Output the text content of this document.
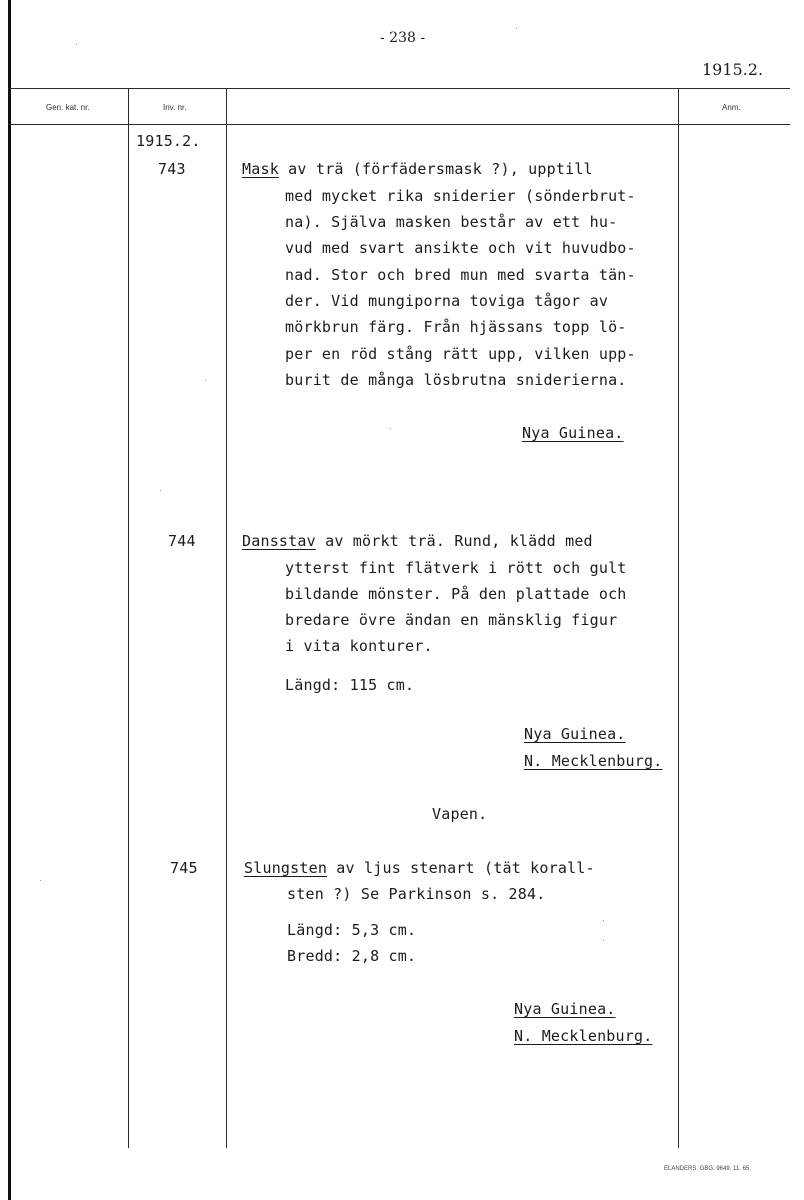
- 238 -
1915.2.
Gen. kat. nr.	Inv. nr.	Anm.
1915.2.
743	Mask av trä (förfädersmask ?), upptill
med mycket rika sniderier (sönderbrut-
na). Själva masken består av ett hu-
vud med svart ansikte och vit huvudbo-
nad. Stor och bred mun med svarta tän-
der. Vid mungiporna toviga tågor av
mörkbrun färg. Från hjässans topp lö-
per en röd stång rätt upp, vilken upp-
burit de många lösbrutna sniderierna.
Nya Guinea.
744	Dansstav av mörkt trä. Rund, klädd med
ytterst fint flätverk i rött och gult
bildande mönster. På den plattade och
bredare övre ändan en mänsklig figur
i vita konturer.
Längd: 115 cm.
Nya Guinea.
N. Mecklenburg.
Vapen.
745	Slungsten av ljus stenart (tät korall-
sten ?) Se Parkinson s. 284.
Längd: 5,3 cm.
Bredd: 2,8 cm.
Nya Guinea.
N. Mecklenburg.
ELANDERS. GBG. 9649. 11. 65.
